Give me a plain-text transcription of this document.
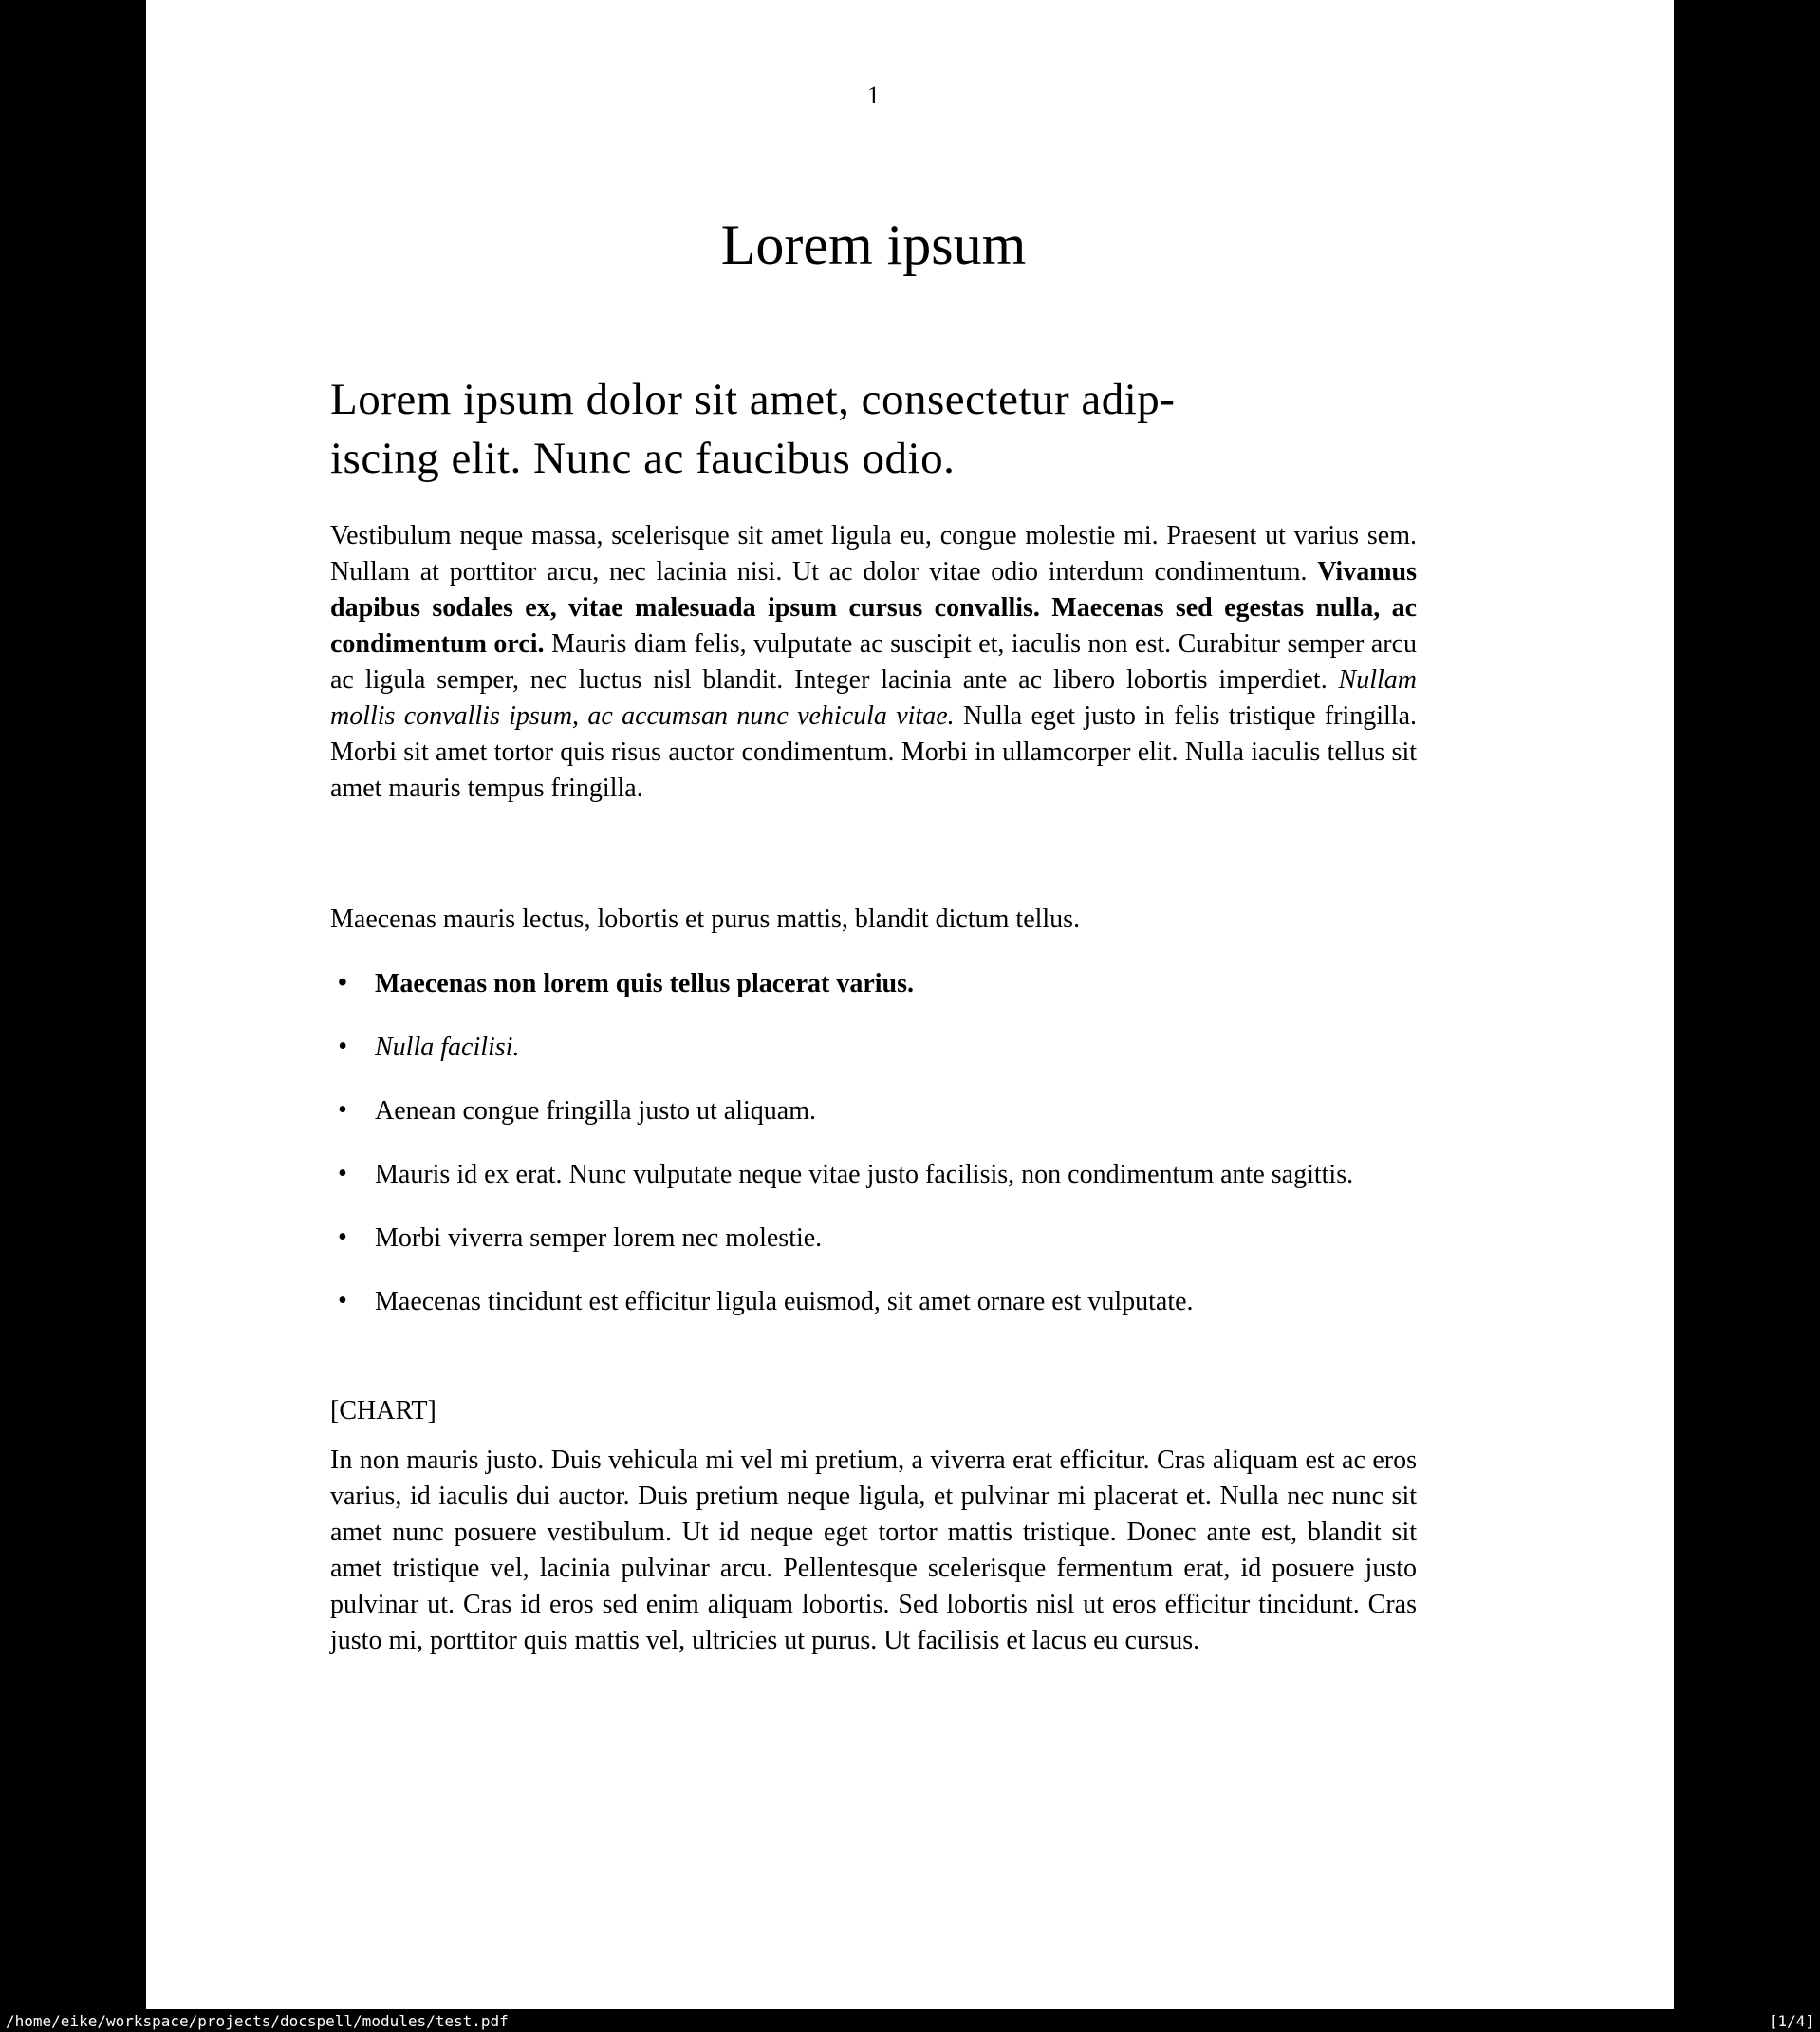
1
Lorem ipsum
Lorem ipsum dolor sit amet, consectetur adip-
iscing elit. Nunc ac faucibus odio.

Vestibulum neque massa, scelerisque sit amet ligula eu, congue molestie mi. Praesent ut varius sem. Nullam at porttitor arcu, nec lacinia nisi. Ut ac dolor vitae odio interdum condimentum. Vivamus dapibus sodales ex, vitae malesuada ipsum cursus convallis. Maecenas sed egestas nulla, ac condimentum orci. Mauris diam felis, vulputate ac suscipit et, iaculis non est. Curabitur semper arcu ac ligula semper, nec luctus nisl blandit. Integer lacinia ante ac libero lobortis imperdiet. Nullam mollis convallis ipsum, ac accumsan nunc vehicula vitae. Nulla eget justo in felis tristique fringilla. Morbi sit amet tortor quis risus auctor condimentum. Morbi in ullamcorper elit. Nulla iaculis tellus sit amet mauris tempus fringilla.

Maecenas mauris lectus, lobortis et purus mattis, blandit dictum tellus.

• Maecenas non lorem quis tellus placerat varius.
• Nulla facilisi.
• Aenean congue fringilla justo ut aliquam.
• Mauris id ex erat. Nunc vulputate neque vitae justo facilisis, non condimentum ante sagittis.
• Morbi viverra semper lorem nec molestie.
• Maecenas tincidunt est efficitur ligula euismod, sit amet ornare est vulputate.
[CHART]

In non mauris justo. Duis vehicula mi vel mi pretium, a viverra erat efficitur. Cras aliquam est ac eros varius, id iaculis dui auctor. Duis pretium neque ligula, et pulvinar mi placerat et. Nulla nec nunc sit amet nunc posuere vestibulum. Ut id neque eget tortor mattis tristique. Donec ante est, blandit sit amet tristique vel, lacinia pulvinar arcu. Pellentesque scelerisque fermentum erat, id posuere justo pulvinar ut. Cras id eros sed enim aliquam lobortis. Sed lobortis nisl ut eros efficitur tincidunt. Cras justo mi, porttitor quis mattis vel, ultricies ut purus. Ut facilisis et lacus eu cursus.

/home/eike/workspace/projects/docspell/modules/test.pdf	[1/4]
